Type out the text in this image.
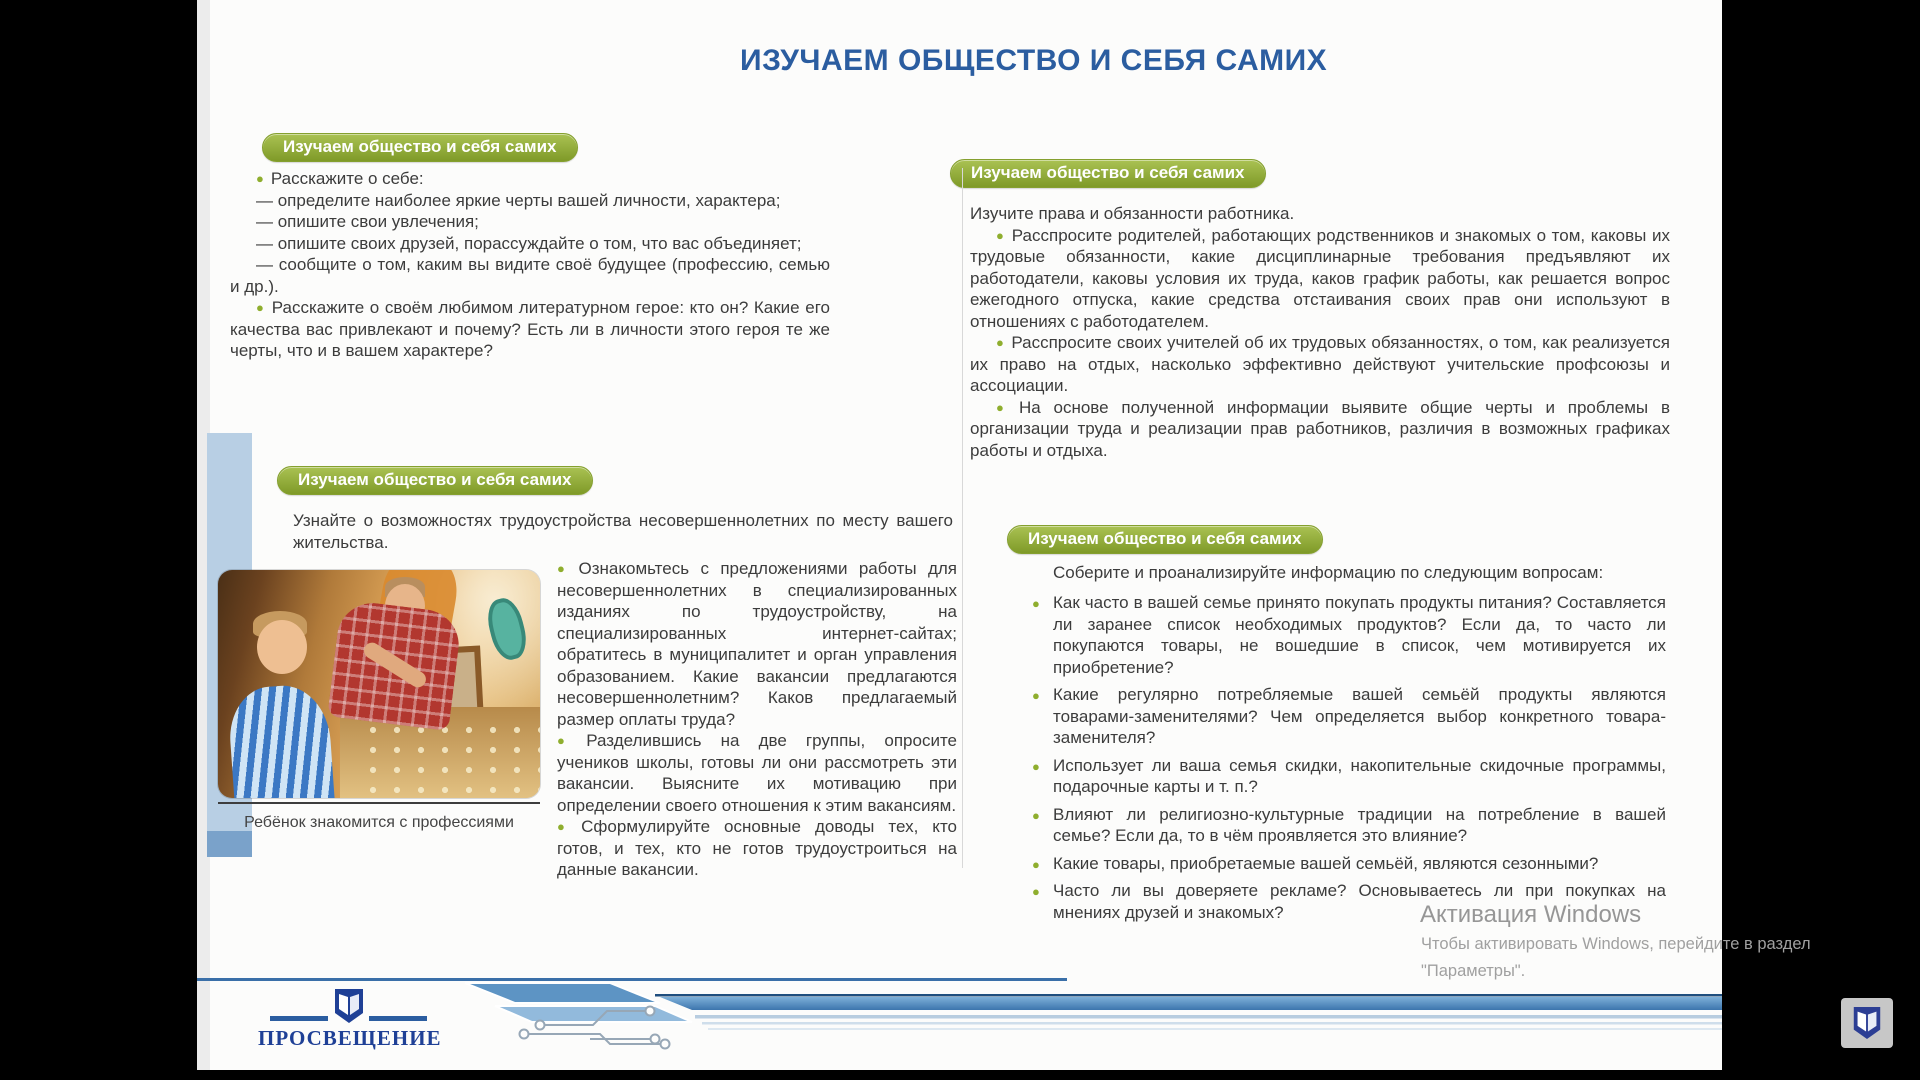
ИЗУЧАЕМ ОБЩЕСТВО И СЕБЯ САМИХ
Изучаем общество и себя самих

● Расскажите о себе:

— определите наиболее яркие черты вашей личности, характера;

— опишите свои увлечения;

— опишите своих друзей, порассуждайте о том, что вас объединяет;

— сообщите о том, каким вы видите своё будущее (профессию, семью и др.).

● Расскажите о своём любимом литературном герое: кто он? Какие его качества вас привлекают и почему? Есть ли в личности этого героя те же черты, что и в вашем характере?

Изучаем общество и себя самих

Изучите права и обязанности работника.

● Расспросите родителей, работающих родственников и знакомых о том, каковы их трудовые обязанности, какие дисциплинарные требования предъявляют их работодатели, каковы условия их труда, каков график работы, как решается вопрос ежегодного отпуска, какие средства отстаивания своих прав они используют в отношениях с работодателем.

● Расспросите своих учителей об их трудовых обязанностях, о том, как реализуется их право на отдых, насколько эффективно действуют учительские профсоюзы и ассоциации.

● На основе полученной информации выявите общие черты и проблемы в организации труда и реализации прав работников, различия в возможных графиках работы и отдыха.

Изучаем общество и себя самих
Узнайте о возможностях трудоустройства несовершеннолетних по месту вашего жительства.
Ребёнок знакомится с профессиями

● Ознакомьтесь с предложениями работы для несовершеннолетних в специализированных изданиях по трудоустройству, на специализированных интернет-сайтах; обратитесь в муниципалитет и орган управления образованием. Какие вакансии предлагаются несовершеннолетним? Каков предлагаемый размер оплаты труда?

● Разделившись на две группы, опросите учеников школы, готовы ли они рассмотреть эти вакансии. Выясните их мотивацию при определении своего отношения к этим вакансиям.

● Сформулируйте основные доводы тех, кто готов, и тех, кто не готов трудоустроиться на данные вакансии.

Изучаем общество и себя самих
Соберите и проанализируйте информацию по следующим вопросам:

● Как часто в вашей семье принято покупать продукты питания? Составляется ли заранее список необходимых продуктов? Если да, то часто ли покупаются товары, не вошедшие в список, чем мотивируется их приобретение?

● Какие регулярно потребляемые вашей семьёй продукты являются товарами-заменителями? Чем определяется выбор конкретного товара-заменителя?

● Использует ли ваша семья скидки, накопительные скидочные программы, подарочные карты и т. п.?

● Влияют ли религиозно-культурные традиции на потребление в вашей семье? Если да, то в чём проявляется это влияние?

● Какие товары, приобретаемые вашей семьёй, являются сезонными?

● Часто ли вы доверяете рекламе? Основываетесь ли при покупках на мнениях друзей и знакомых?

ПРОСВЕЩЕНИЕ
Активация Windows
Чтобы активировать Windows, перейдите в раздел
"Параметры".
